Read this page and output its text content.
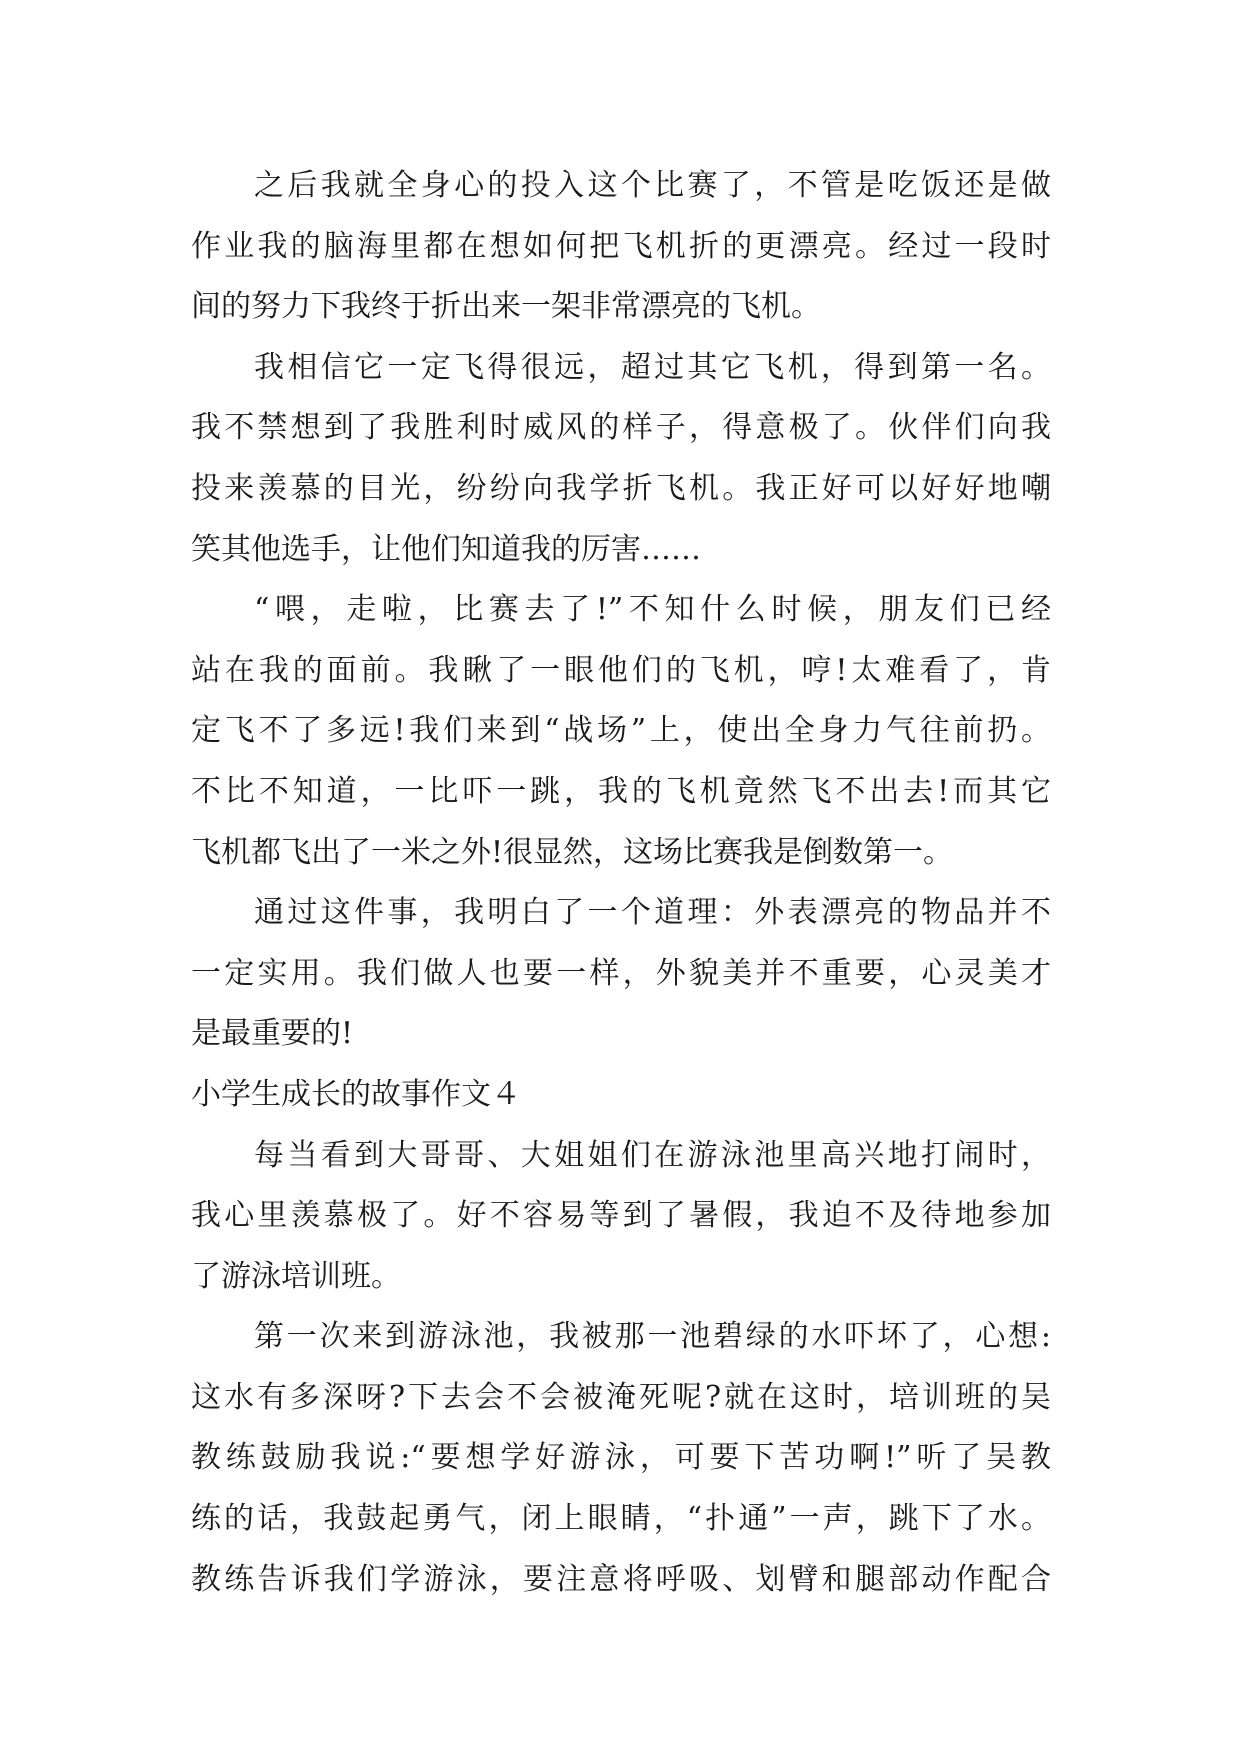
之后我就全身心的投入这个比赛了，不管是吃饭还是做
作业我的脑海里都在想如何把飞机折的更漂亮。经过一段时
间的努力下我终于折出来一架非常漂亮的飞机。
我相信它一定飞得很远，超过其它飞机，得到第一名。
我不禁想到了我胜利时威风的样子，得意极了。伙伴们向我
投来羡慕的目光，纷纷向我学折飞机。我正好可以好好地嘲
笑其他选手，让他们知道我的厉害……
“喂，走啦，比赛去了!”不知什么时候，朋友们已经
站在我的面前。我瞅了一眼他们的飞机，哼!太难看了，肯
定飞不了多远!我们来到“战场”上，使出全身力气往前扔。
不比不知道，一比吓一跳，我的飞机竟然飞不出去!而其它
飞机都飞出了一米之外!很显然，这场比赛我是倒数第一。
通过这件事，我明白了一个道理：外表漂亮的物品并不
一定实用。我们做人也要一样，外貌美并不重要，心灵美才
是最重要的!
小学生成长的故事作文４
每当看到大哥哥、大姐姐们在游泳池里高兴地打闹时，
我心里羡慕极了。好不容易等到了暑假，我迫不及待地参加
了游泳培训班。
第一次来到游泳池，我被那一池碧绿的水吓坏了，心想:
这水有多深呀?下去会不会被淹死呢?就在这时，培训班的吴
教练鼓励我说:“要想学好游泳，可要下苦功啊!”听了吴教
练的话，我鼓起勇气，闭上眼睛，“扑通”一声，跳下了水。
教练告诉我们学游泳，要注意将呼吸、划臂和腿部动作配合
